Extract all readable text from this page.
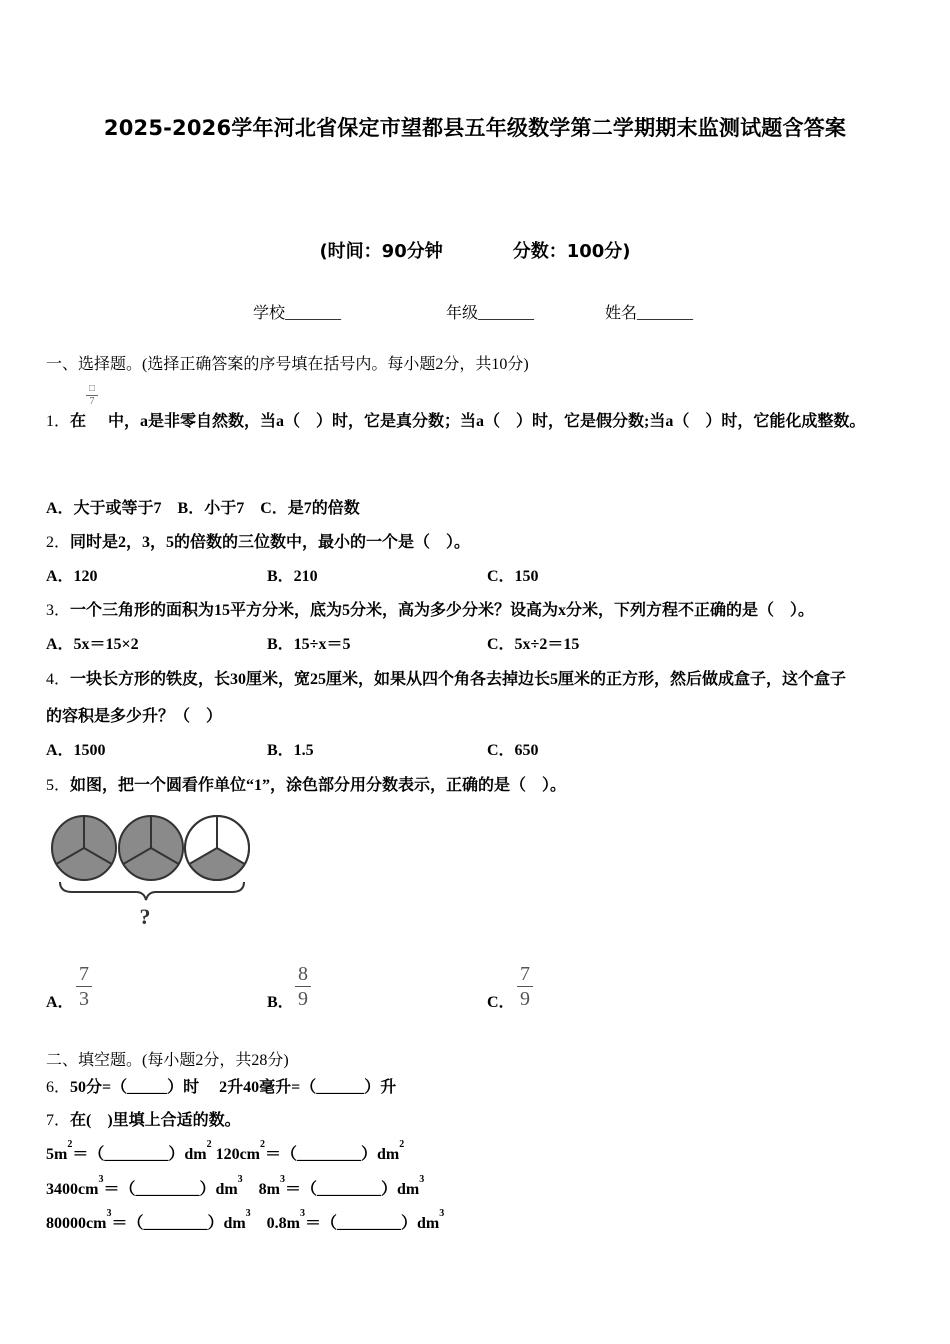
2025-2026学年河北省保定市望都县五年级数学第二学期期末监测试题含答案
(时间：90分钟	分数：100分)
学校_______	年级_______	姓名_______
一、选择题。(选择正确答案的序号填在括号内。每小题2分，共10分)
1．在 中，a是非零自然数，当a（　）时，它是真分数；当a（　）时，它是假分数;当a（　）时，它能化成整数。
□
7
A．大于或等于7　B．小于7　C．是7的倍数
2．同时是2，3，5的倍数的三位数中，最小的一个是（　）。
A．120	B．210	C．150
3．一个三角形的面积为15平方分米，底为5分米，高为多少分米？设高为x分米，下列方程不正确的是（　）。
A．5x＝15×2	B．15÷x＝5	C．5x÷2＝15
4．一块长方形的铁皮，长30厘米，宽25厘米，如果从四个角各去掉边长5厘米的正方形，然后做成盒子，这个盒子
的容积是多少升？（　）
A．1500	B．1.5	C．650
5．如图，把一个圆看作单位“1”，涂色部分用分数表示，正确的是（　）。
?
A．
7
3	B．
8
9	C．
7
9
二、填空题。(每小题2分，共28分)
6．50分=（_____）时　 2升40毫升=（______）升
7．在(　)里填上合适的数。
$5m^2=(\_\_\_\_\_\_\_\_)dm^2$ $120cm^2=(\_\_\_\_\_\_\_\_)dm^2$
$3400cm^3=(\_\_\_\_\_\_\_\_)dm^3$    $8m^3=(\_\_\_\_\_\_\_\_)dm^3$
$80000cm^3=(\_\_\_\_\_\_\_\_)dm^3$    $0.8m^3=(\_\_\_\_\_\_\_\_)dm^3$
